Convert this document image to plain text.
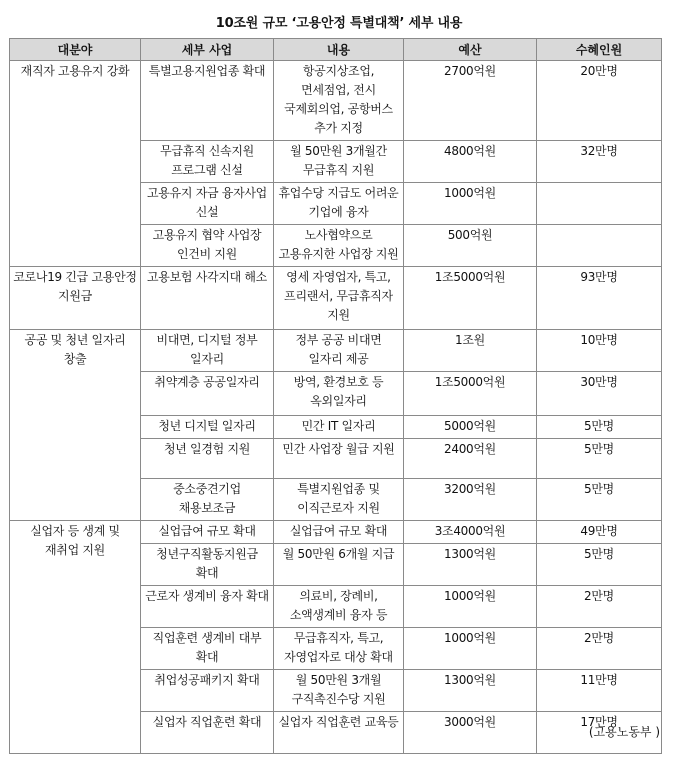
10조원 규모 ‘고용안정 특별대책’ 세부 내용
대분야	세부 사업	내용	예산	수혜인원
재직자 고용유지 강화	특별고용지원업종 확대	항공지상조업, 면세점업, 전시 국제회의업, 공항버스 추가 지정	2700억원	20만명
	무급휴직 신속지원 프로그램 신설	월 50만원 3개월간 무급휴직 지원	4800억원	32만명
	고용유지 자금 융자사업 신설	휴업수당 지급도 어려운 기업에 융자	1000억원	
	고용유지 협약 사업장 인건비 지원	노사협약으로 고용유지한 사업장 지원	500억원	
코로나19 긴급 고용안정 지원금	고용보험 사각지대 해소	영세 자영업자, 특고, 프리랜서, 무급휴직자 지원	1조5000억원	93만명
공공 및 청년 일자리 창출	비대면, 디지털 정부 일자리	정부 공공 비대면 일자리 제공	1조원	10만명
	취약계층 공공일자리	방역, 환경보호 등 옥외일자리	1조5000억원	30만명
	청년 디지털 일자리	민간 IT 일자리	5000억원	5만명
	청년 일경험 지원	민간 사업장 월급 지원	2400억원	5만명
	중소중견기업 채용보조금	특별지원업종 및 이직근로자 지원	3200억원	5만명
실업자 등 생계 및 재취업 지원	실업급여 규모 확대	실업급여 규모 확대	3조4000억원	49만명
	청년구직활동지원금 확대	월 50만원 6개월 지급	1300억원	5만명
	근로자 생계비 융자 확대	의료비, 장례비, 소액생계비 융자 등	1000억원	2만명
	직업훈련 생계비 대부 확대	무급휴직자, 특고, 자영업자로 대상 확대	1000억원	2만명
	취업성공패키지 확대	월 50만원 3개월 구직촉진수당 지원	1300억원	11만명
	실업자 직업훈련 확대	실업자 직업훈련 교육등	3000억원	17만명
(고용노동부 )
